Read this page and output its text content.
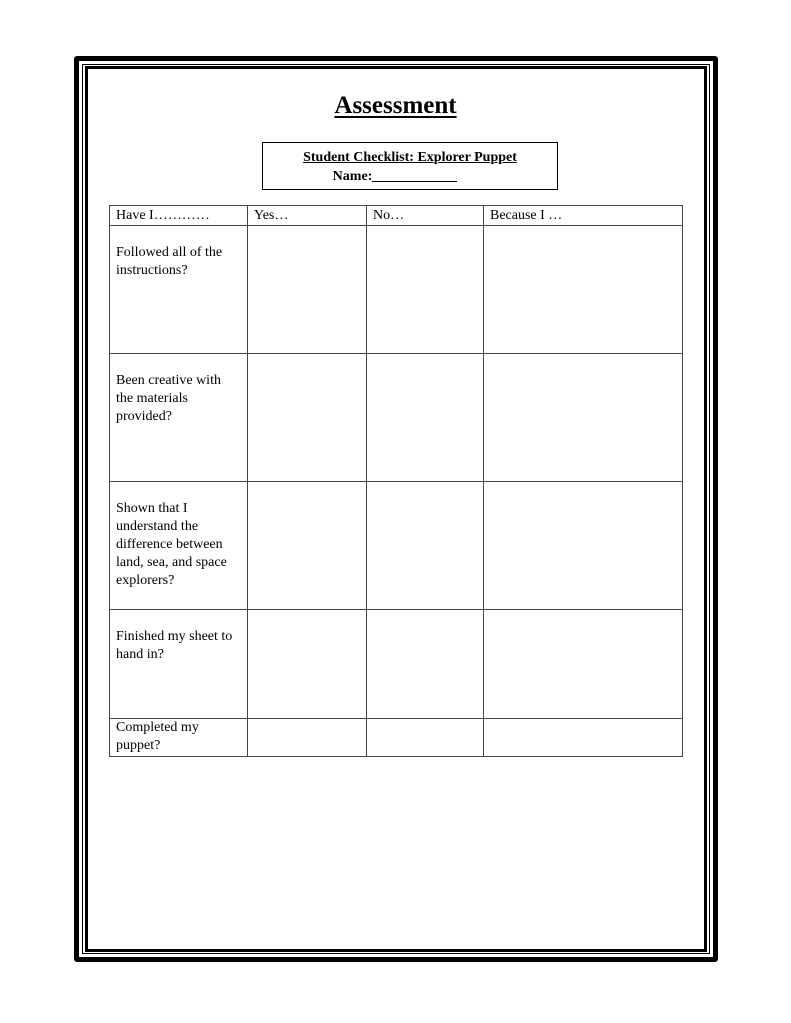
Assessment
Student Checklist: Explorer Puppet
Name:
Have I…………	Yes…	No…	Because I …
Followed all of the instructions?			
Been creative with the materials provided?			
Shown that I understand the difference between land, sea, and space explorers?			
Finished my sheet to hand in?			
Completed my puppet?			
